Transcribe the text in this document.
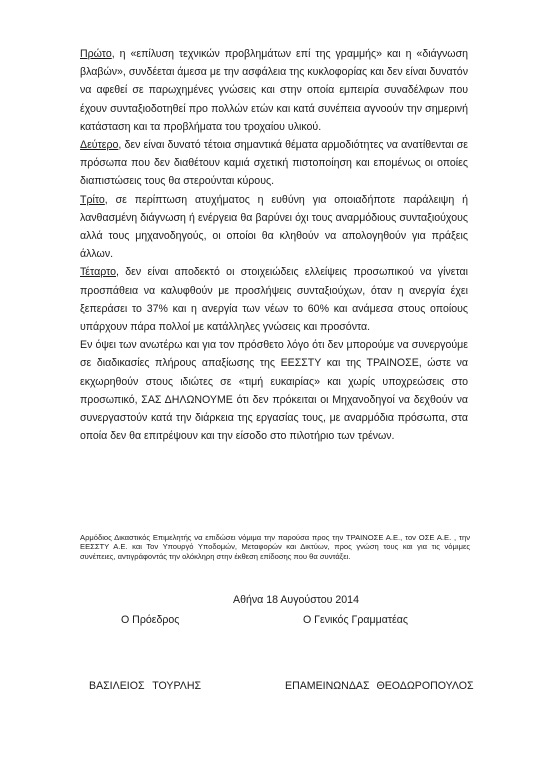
Πρώτο, η «επίλυση τεχνικών προβλημάτων επί της γραμμής» και η «διάγνωση βλαβών», συνδέεται άμεσα με την ασφάλεια της κυκλοφορίας και δεν είναι δυνατόν να αφεθεί σε παρωχημένες γνώσεις και στην οποία εμπειρία συναδέλφων που έχουν συνταξιοδοτηθεί προ πολλών ετών και κατά συνέπεια αγνοούν την σημερινή κατάσταση και τα προβλήματα του τροχαίου υλικού.

Δεύτερο, δεν είναι δυνατό τέτοια σημαντικά θέματα αρμοδιότητες να ανατίθενται σε πρόσωπα που δεν διαθέτουν καμιά σχετική πιστοποίηση και επομένως οι οποίες διαπιστώσεις τους θα στερούνται κύρους.

Τρίτο, σε περίπτωση ατυχήματος η ευθύνη για οποιαδήποτε παράλειψη ή λανθασμένη διάγνωση ή ενέργεια θα βαρύνει όχι τους αναρμόδιους συνταξιούχους αλλά τους μηχανοδηγούς, οι οποίοι θα κληθούν να απολογηθούν για πράξεις άλλων.

Τέταρτο, δεν είναι αποδεκτό οι στοιχειώδεις ελλείψεις προσωπικού να γίνεται προσπάθεια να καλυφθούν με προσλήψεις συνταξιούχων, όταν η ανεργία έχει ξεπεράσει το 37% και η ανεργία των νέων το 60% και ανάμεσα στους οποίους υπάρχουν πάρα πολλοί με κατάλληλες γνώσεις και προσόντα.

Εν όψει των ανωτέρω και για τον πρόσθετο λόγο ότι δεν μπορούμε να συνεργούμε σε διαδικασίες πλήρους απαξίωσης της ΕΕΣΣΤΥ και της ΤΡΑΙΝΟΣΕ, ώστε να εκχωρηθούν στους ιδιώτες σε «τιμή ευκαιρίας» και χωρίς υποχρεώσεις στο προσωπικό, ΣΑΣ ΔΗΛΩΝΟΥΜΕ ότι δεν πρόκειται οι Μηχανοδηγοί να δεχθούν να συνεργαστούν κατά την διάρκεια της εργασίας τους, με αναρμόδια πρόσωπα, στα οποία δεν θα επιτρέψουν και την είσοδο στο πιλοτήριο των τρένων.

Αρμόδιος Δικαστικός Επιμελητής να επιδώσει νόμιμα την παρούσα προς την ΤΡΑΙΝΟΣΕ Α.Ε., τον ΟΣΕ Α.Ε. , την ΕΕΣΣΤΥ Α.Ε. και Τον Υπουργό Υποδομών, Μεταφορών και Δικτύων, προς γνώση τους και για τις νόμιμες συνέπειες, αντιγράφοντάς την ολόκληρη στην έκθεση επίδοσης που θα συντάξει.

Αθήνα 18 Αυγούστου 2014
Ο Πρόεδρος	Ο Γενικός Γραμματέας
ΒΑΣΙΛΕΙΟΣ ΤΟΥΡΛΗΣ	ΕΠΑΜΕΙΝΩΝΔΑΣ ΘΕΟΔΩΡΟΠΟΥΛΟΣ
